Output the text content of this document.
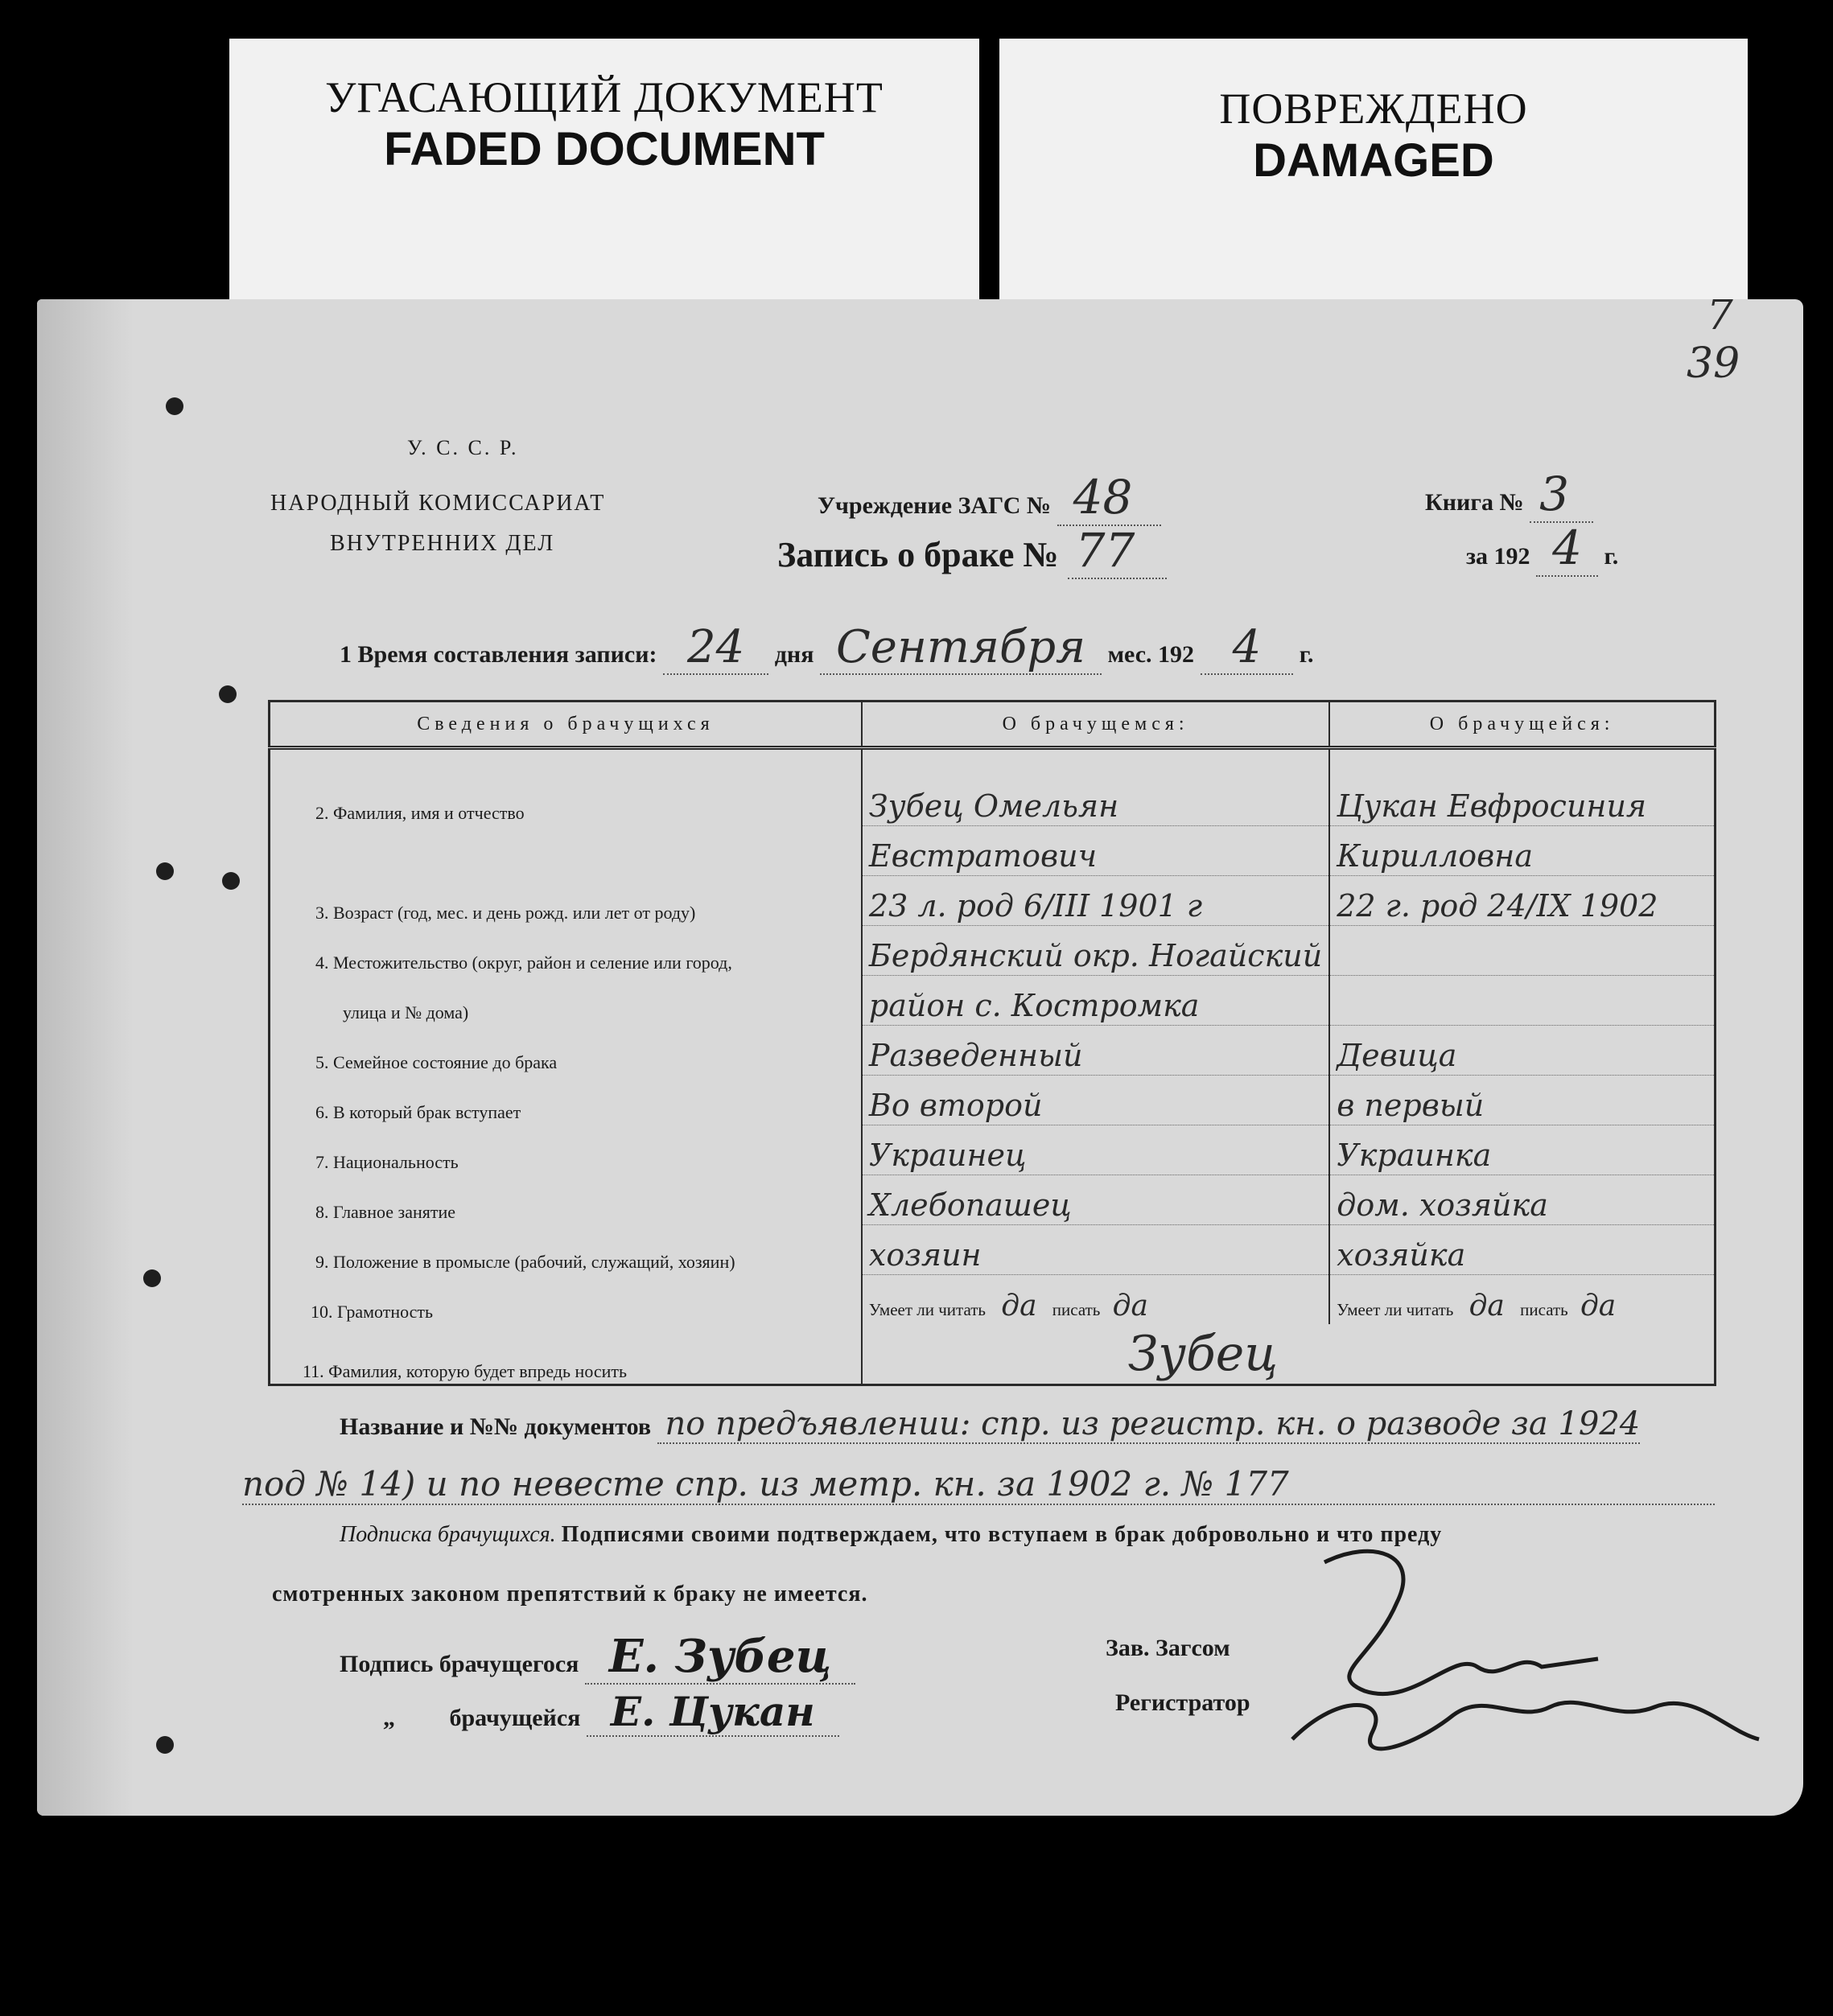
УГАСАЮЩИЙ ДОКУМЕНТ
FADED DOCUMENT
ПОВРЕЖДЕНО
DAMAGED
7
39
У. С. С. Р.
НАРОДНЫЙ КОМИССАРИАТ
ВНУТРЕННИХ ДЕЛ
Учреждение ЗАГС № 48
Запись о браке № 77
Книга № 3
за 192 4 г.
1 Время составления записи: 24 дня Сентября мес. 192 4 г.
Сведения о брачущихся	О брачущемся:	О брачущейся:
2. Фамилия, имя и отчество	Зубец Омельян	Цукан Евфросиния
	Евстратович	Кирилловна
3. Возраст (год, мес. и день рожд. или лет от роду)	23 л. род 6/III 1901 г	22 г. род 24/IX 1902
4. Местожительство (округ, район и селение или город,	Бердянский окр. Ногайский	
улица и № дома)	район с. Костромка	
5. Семейное состояние до брака	Разведенный	Девица
6. В который брак вступает	Во второй	в первый
7. Национальность	Украинец	Украинка
8. Главное занятие	Хлебопашец	дом. хозяйка
9. Положение в промысле (рабочий, служащий, хозяин)	хозяин	хозяйка
10. Грамотность	Умеет ли читать да писать да	Умеет ли читать да писать да
11. Фамилия, которую будет впредь носить	Зубец	
Название и №№ документов по предъявлении: спр. из регистр. кн. о разводе за 1924
под № 14) и по невесте спр. из метр. кн. за 1902 г. № 177
Подписка брачущихся. Подписями своими подтверждаем, что вступаем в брак добровольно и что преду
смотренных законом препятствий к браку не имеется.
Подпись брачущегося Е. Зубец
„ брачущейся Е. Цукан
Зав. Загсом
Регистратор
